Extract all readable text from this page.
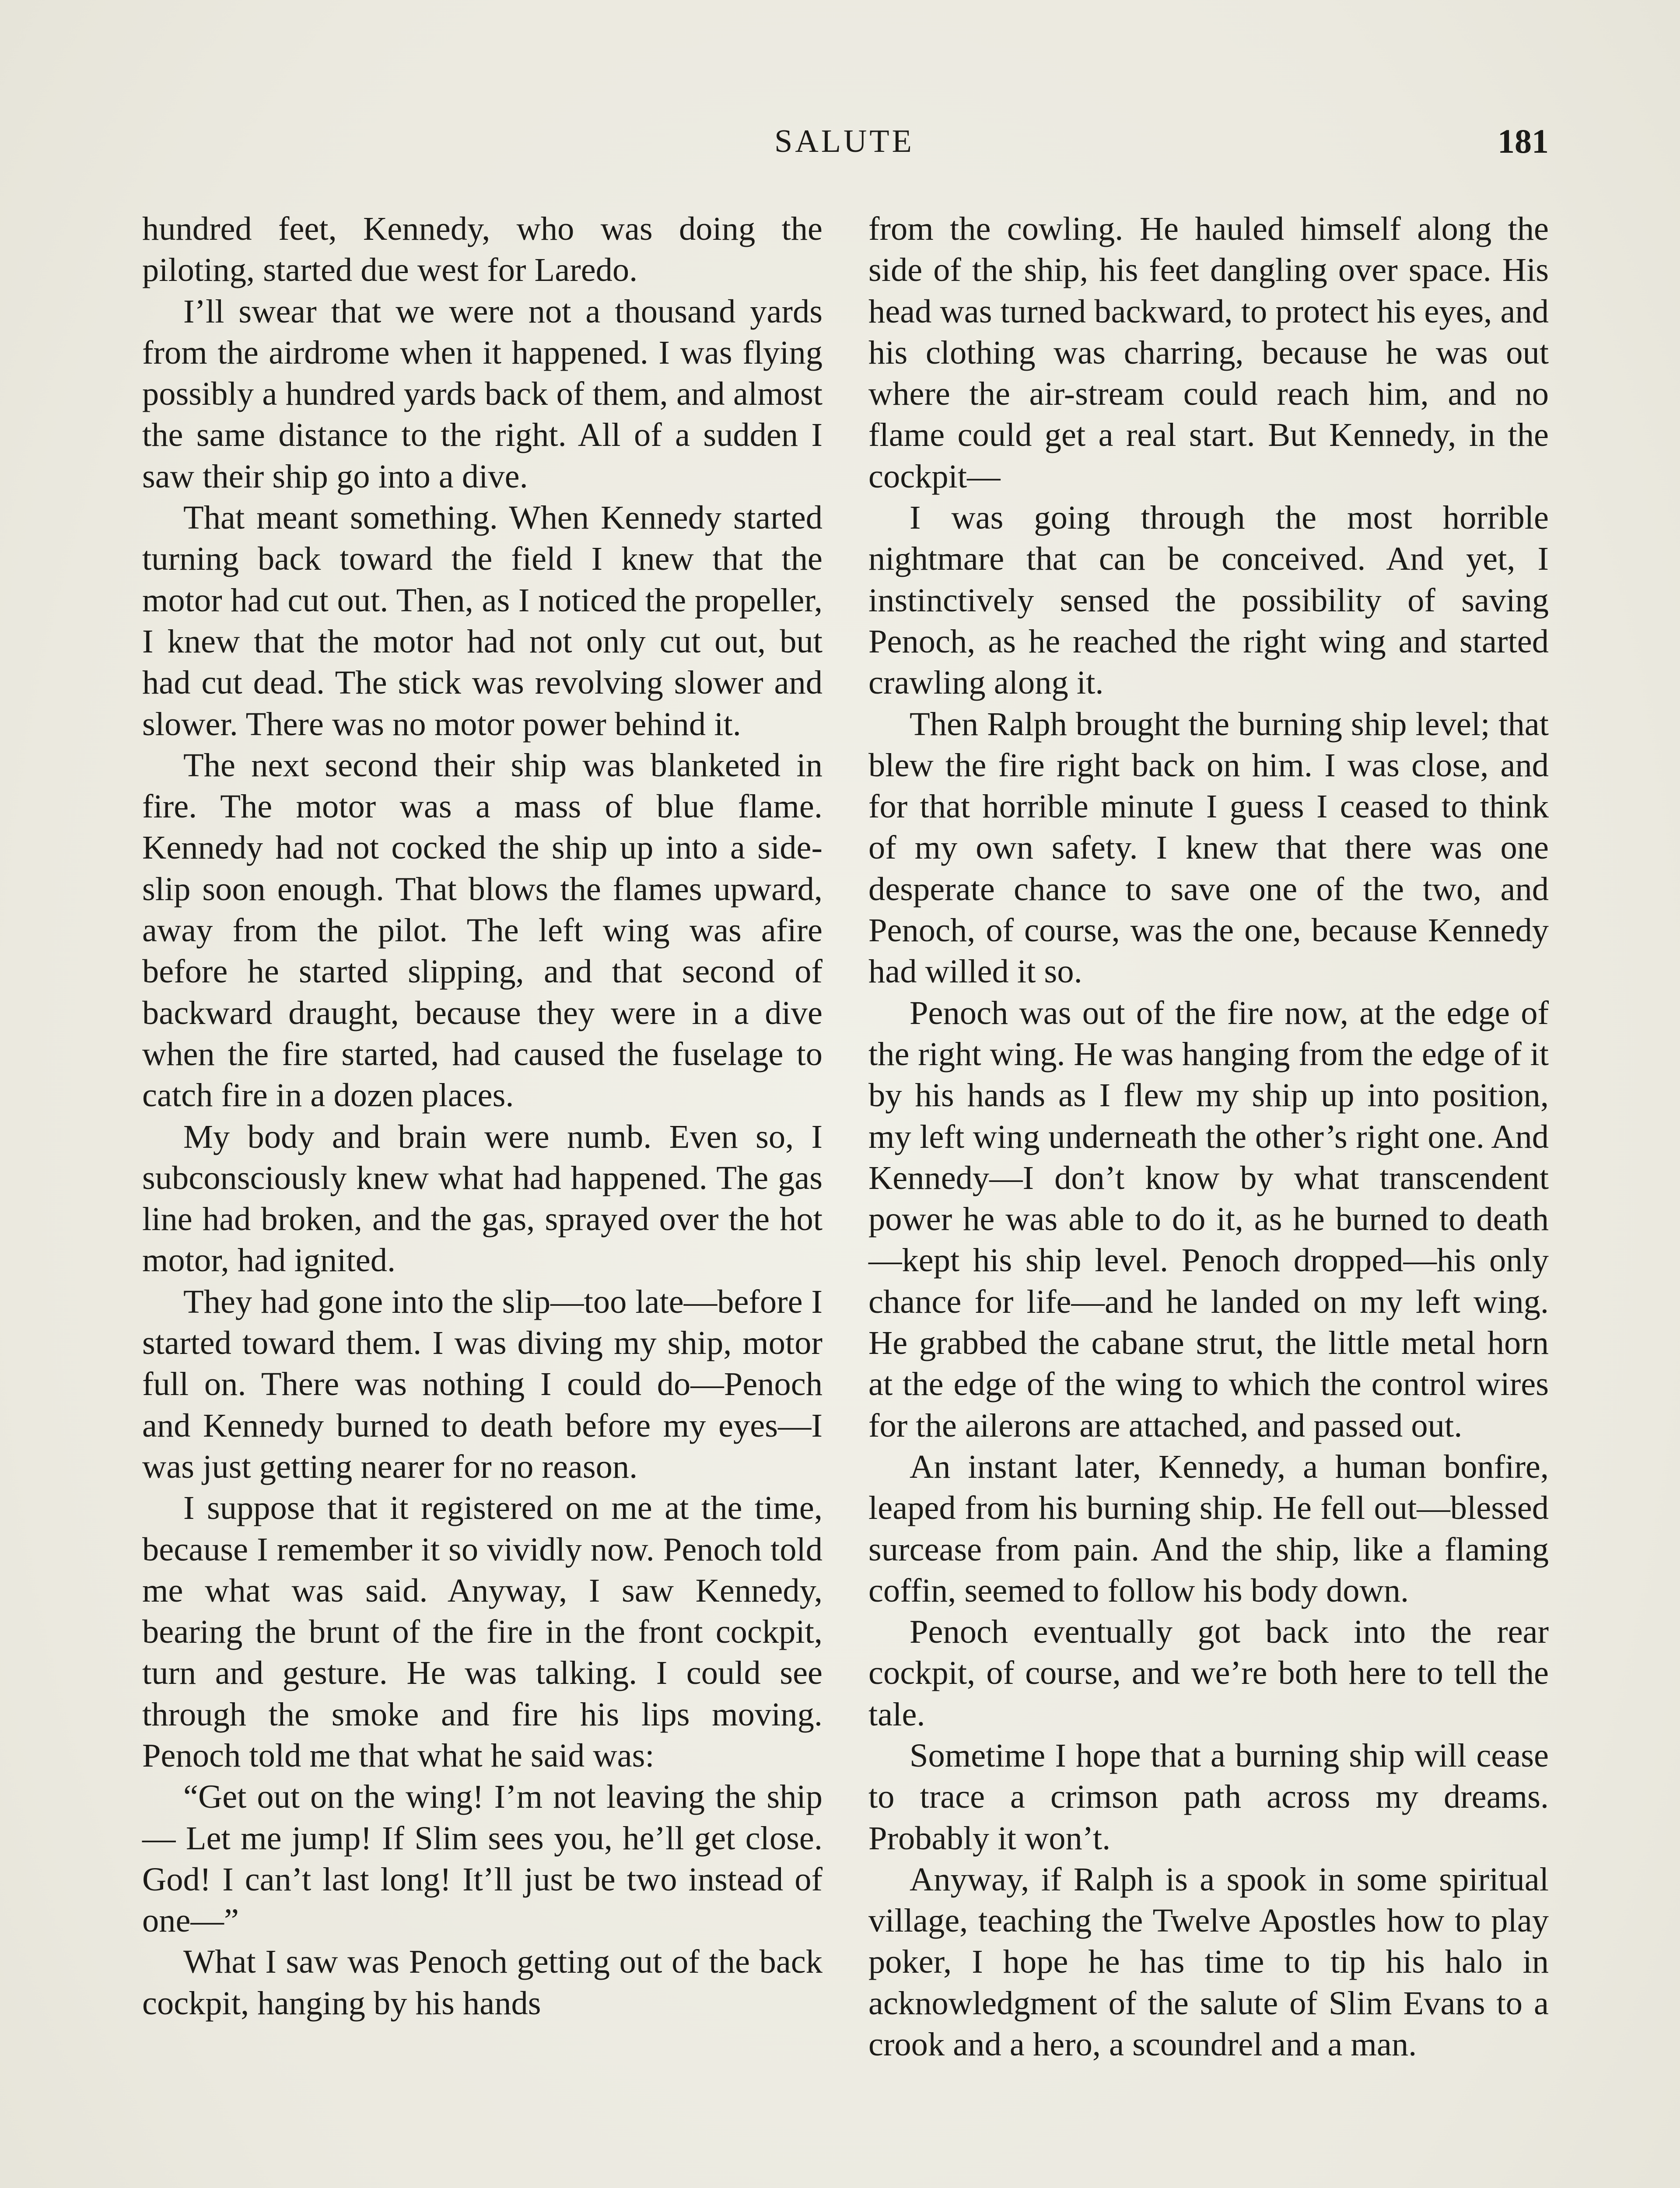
SALUTE	181

hundred feet, Kennedy, who was doing the piloting, started due west for Laredo.

I’ll swear that we were not a thousand yards from the airdrome when it happened. I was flying possibly a hundred yards back of them, and almost the same distance to the right. All of a sudden I saw their ship go into a dive.

That meant something. When Kennedy started turning back toward the field I knew that the motor had cut out. Then, as I noticed the propeller, I knew that the motor had not only cut out, but had cut dead. The stick was revolving slower and slower. There was no motor power behind it.

The next second their ship was blanketed in fire. The motor was a mass of blue flame. Kennedy had not cocked the ship up into a side-slip soon enough. That blows the flames upward, away from the pilot. The left wing was afire before he started slipping, and that second of backward draught, because they were in a dive when the fire started, had caused the fuselage to catch fire in a dozen places.

My body and brain were numb. Even so, I subconsciously knew what had happened. The gas line had broken, and the gas, sprayed over the hot motor, had ignited.

They had gone into the slip—too late—before I started toward them. I was diving my ship, motor full on. There was nothing I could do—Penoch and Kennedy burned to death before my eyes—I was just getting nearer for no reason.

I suppose that it registered on me at the time, because I remember it so vividly now. Penoch told me what was said. Anyway, I saw Kennedy, bearing the brunt of the fire in the front cockpit, turn and gesture. He was talking. I could see through the smoke and fire his lips moving. Penoch told me that what he said was:

“Get out on the wing! I’m not leaving the ship— Let me jump! If Slim sees you, he’ll get close. God! I can’t last long! It’ll just be two instead of one—”

What I saw was Penoch getting out of the back cockpit, hanging by his hands

from the cowling. He hauled himself along the side of the ship, his feet dangling over space. His head was turned backward, to protect his eyes, and his clothing was charring, because he was out where the air-stream could reach him, and no flame could get a real start. But Kennedy, in the cockpit—

I was going through the most horrible nightmare that can be conceived. And yet, I instinctively sensed the possibility of saving Penoch, as he reached the right wing and started crawling along it.

Then Ralph brought the burning ship level; that blew the fire right back on him. I was close, and for that horrible minute I guess I ceased to think of my own safety. I knew that there was one desperate chance to save one of the two, and Penoch, of course, was the one, because Kennedy had willed it so.

Penoch was out of the fire now, at the edge of the right wing. He was hanging from the edge of it by his hands as I flew my ship up into position, my left wing underneath the other’s right one. And Kennedy—I don’t know by what transcendent power he was able to do it, as he burned to death—kept his ship level. Penoch dropped—his only chance for life—and he landed on my left wing. He grabbed the cabane strut, the little metal horn at the edge of the wing to which the control wires for the ailerons are attached, and passed out.

An instant later, Kennedy, a human bonfire, leaped from his burning ship. He fell out—blessed surcease from pain. And the ship, like a flaming coffin, seemed to follow his body down.

Penoch eventually got back into the rear cockpit, of course, and we’re both here to tell the tale.

Sometime I hope that a burning ship will cease to trace a crimson path across my dreams. Probably it won’t.

Anyway, if Ralph is a spook in some spiritual village, teaching the Twelve Apostles how to play poker, I hope he has time to tip his halo in acknowledgment of the salute of Slim Evans to a crook and a hero, a scoundrel and a man.
